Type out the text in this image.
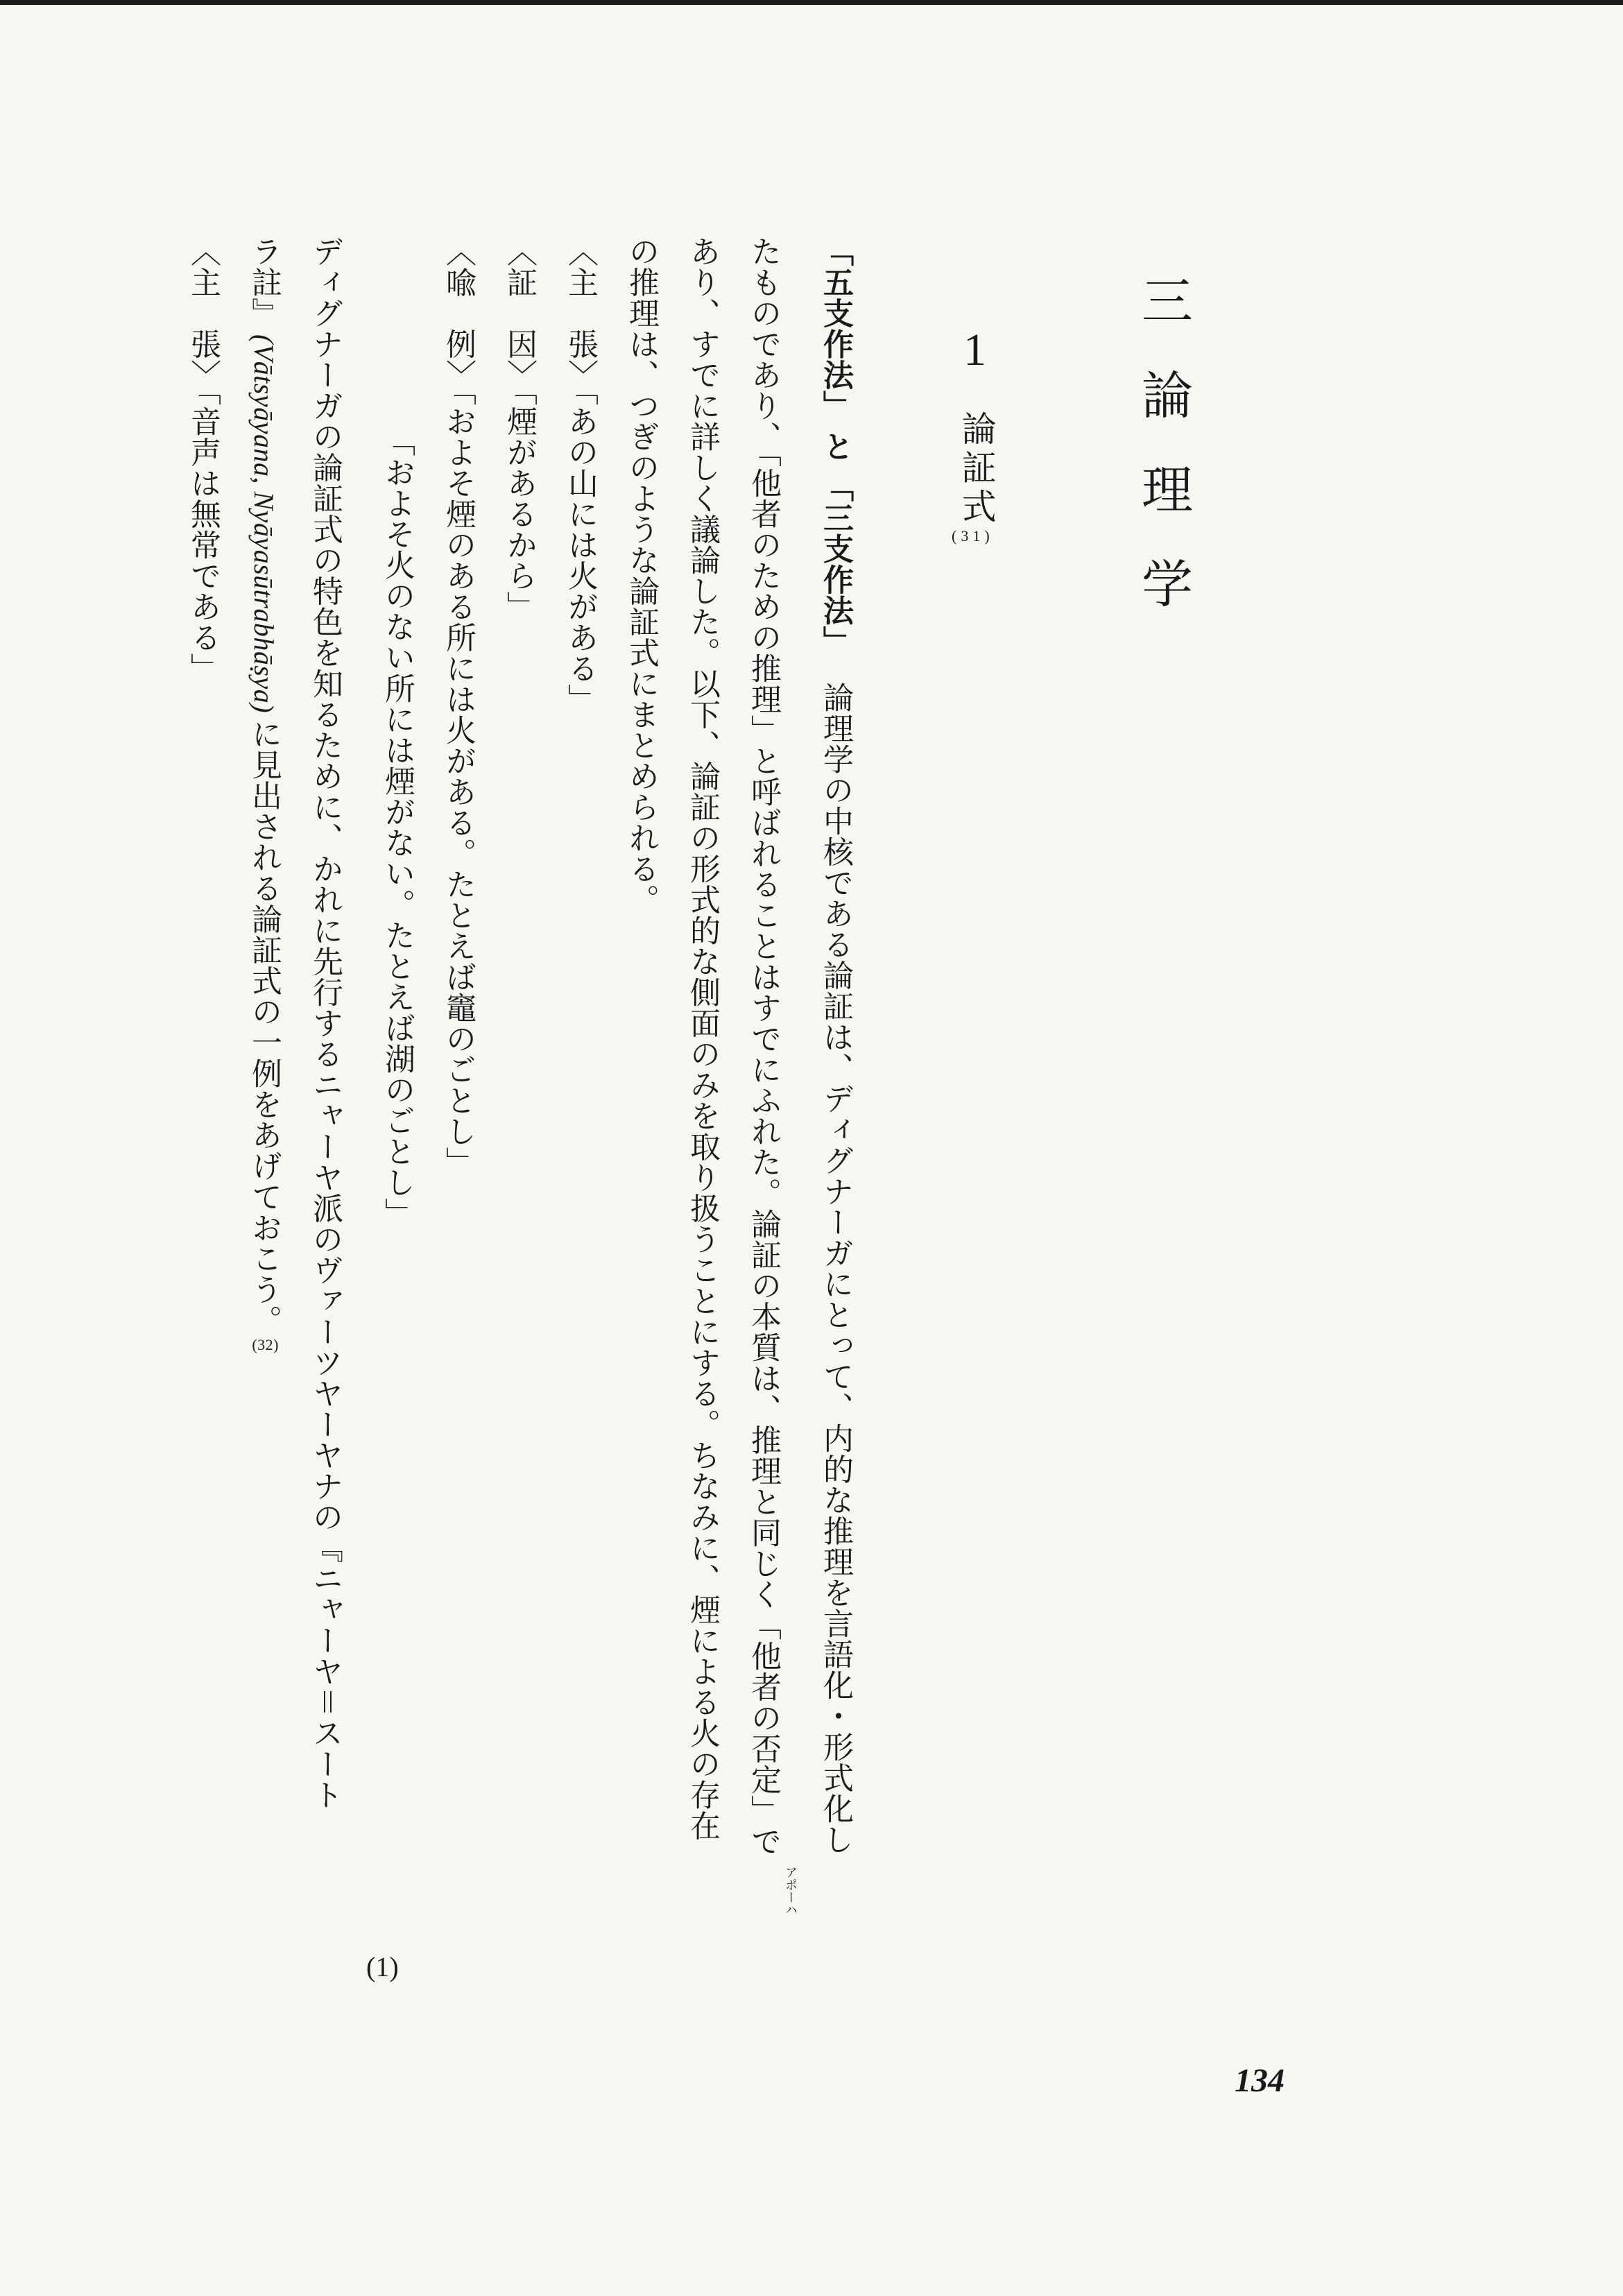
三論理学
1
論証式(31)
「五支作法」と「三支作法」論理学の中核である論証は、ディグナーガにとって、内的な推理を言語化・形式化し
たものであり、「他者のための推理」と呼ばれることはすでにふれた。論証の本質は、推理と同じく「他者の否定」で
アポーハ
あり、すでに詳しく議論した。以下、論証の形式的な側面のみを取り扱うことにする。ちなみに、煙による火の存在
の推理は、つぎのような論証式にまとめられる。
〈主　張〉「あの山には火がある」
〈証　因〉「煙があるから」
〈喩　例〉「およそ煙のある所には火がある。たとえば竈のごとし」
「およそ火のない所には煙がない。たとえば湖のごとし」
(1)
ディグナーガの論証式の特色を知るために、かれに先行するニャーヤ派のヴァーツヤーヤナの『ニャーヤ＝スート
ラ註』(Vātsyāyana, Nyāyasūtrabhāṣya)に見出される論証式の一例をあげておこう。(32)
〈主　張〉「音声は無常である」
134
